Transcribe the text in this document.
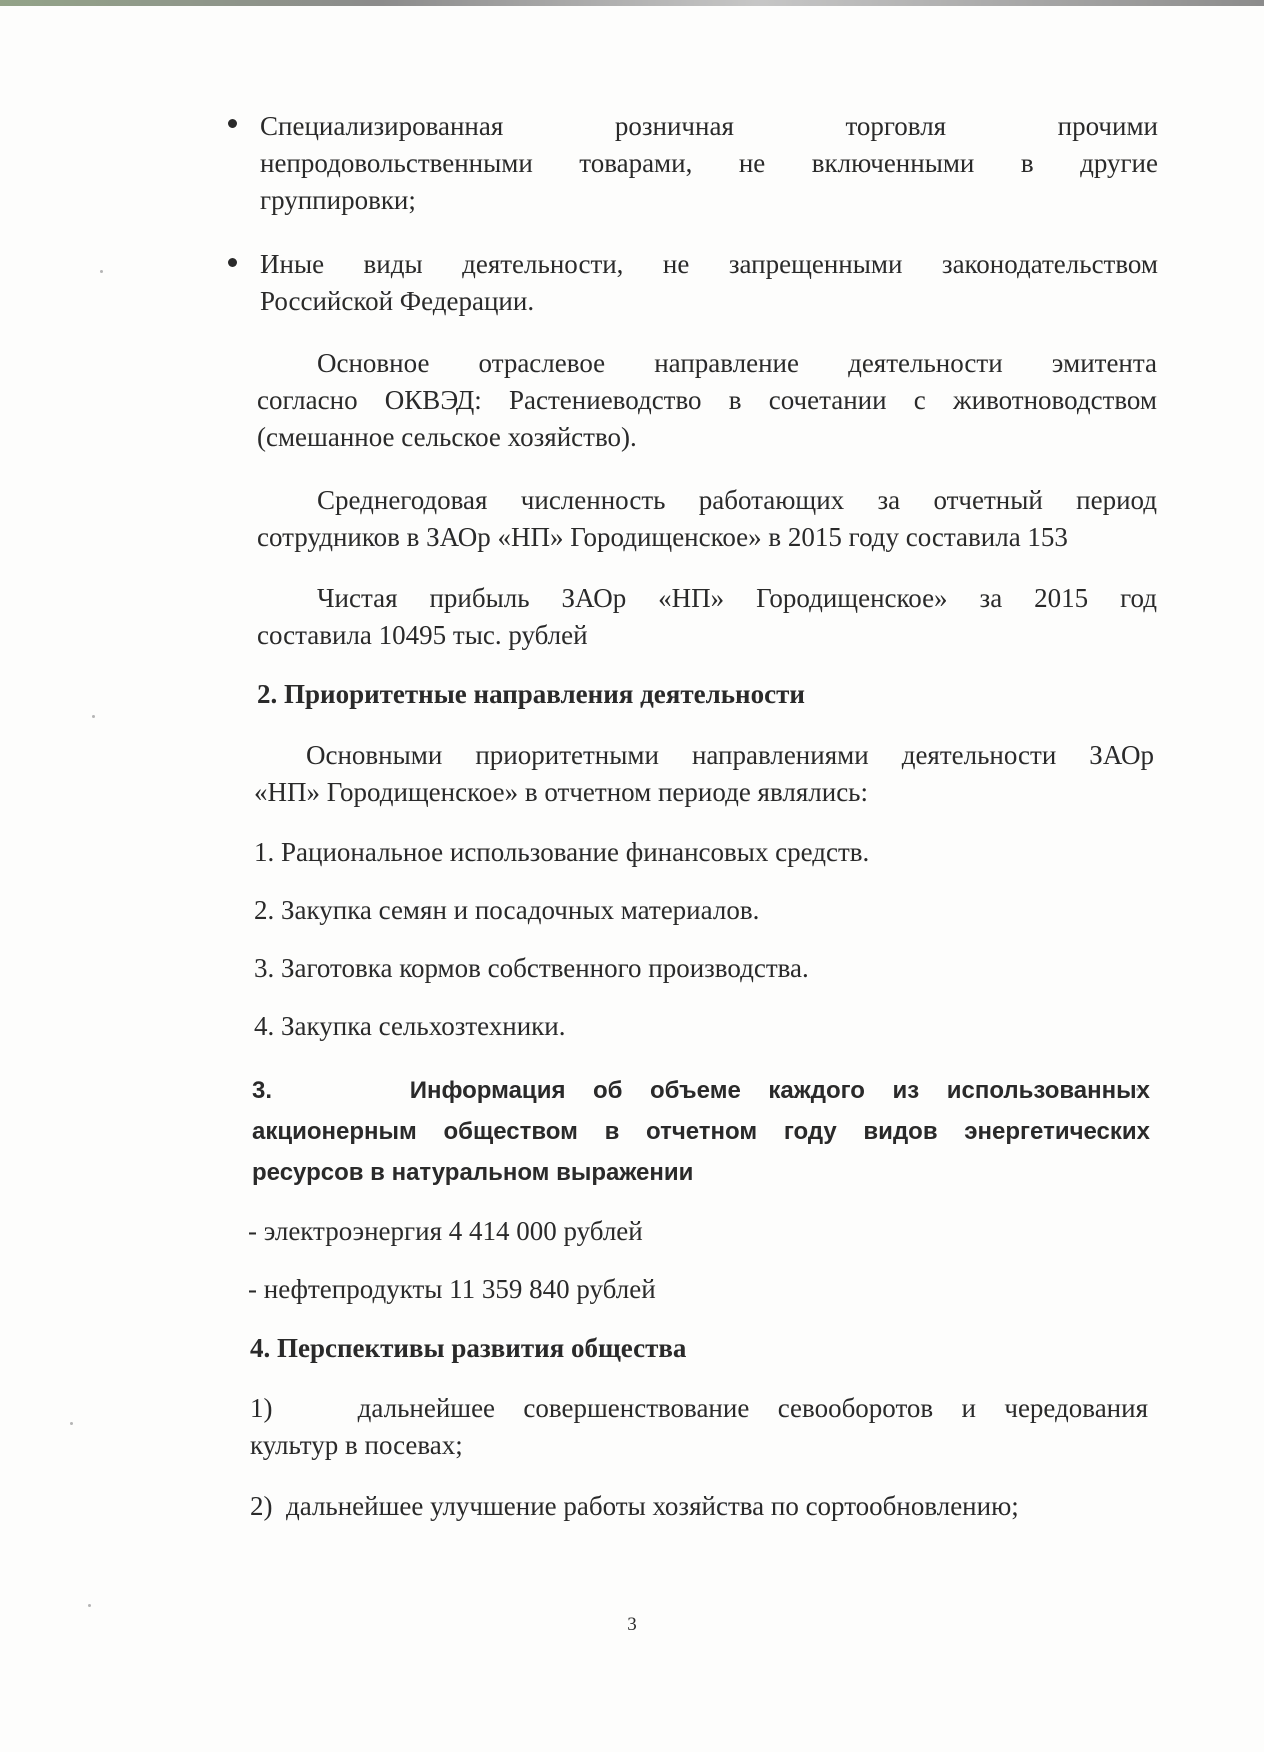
Специализированная розничная торговля прочими
непродовольственными товарами, не включенными в другие
группировки;
Иные виды деятельности, не запрещенными законодательством
Российской Федерации.
Основное отраслевое направление деятельности эмитента
согласно ОКВЭД: Растениеводство в сочетании с животноводством
(смешанное сельское хозяйство).
Среднегодовая численность работающих за отчетный период
сотрудников в ЗАОр «НП» Городищенское» в 2015 году составила 153
Чистая прибыль ЗАОр «НП» Городищенское» за 2015 год
составила 10495 тыс. рублей
2. Приоритетные направления деятельности
Основными приоритетными направлениями деятельности ЗАОр
«НП» Городищенское» в отчетном периоде являлись:
1. Рациональное использование финансовых средств.
2. Закупка семян и посадочных материалов.
3. Заготовка кормов собственного производства.
4. Закупка сельхозтехники.
3.     Информация об объеме каждого из использованных
акционерным обществом в отчетном году видов энергетических
ресурсов в натуральном выражении
- электроэнергия 4 414 000 рублей
- нефтепродукты 11 359 840 рублей
4. Перспективы развития общества
1)   дальнейшее совершенствование севооборотов и чередования
культур в посевах;
2)  дальнейшее улучшение работы хозяйства по сортообновлению;
3
